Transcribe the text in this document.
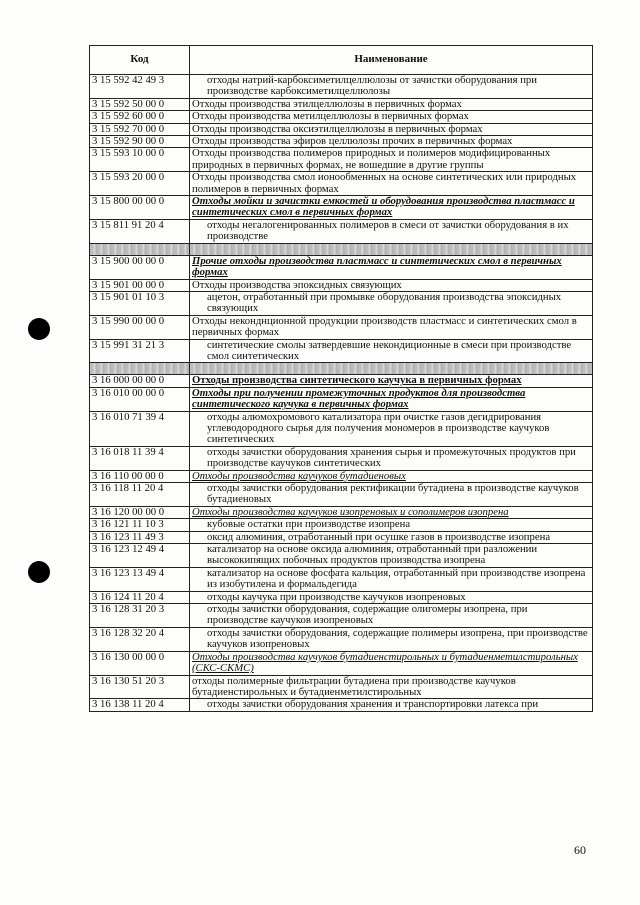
Код	Наименование
3 15 592 42 49 3	отходы натрий-карбоксиметилцеллюлозы от зачистки оборудования при производстве карбоксиметилцеллюлозы
3 15 592 50 00 0	Отходы производства этилцеллюлозы в первичных формах
3 15 592 60 00 0	Отходы производства метилцеллюлозы в первичных формах
3 15 592 70 00 0	Отходы производства оксиэтилцеллюлозы в первичных формах
3 15 592 90 00 0	Отходы производства эфиров целлюлозы прочих в первичных формах
3 15 593 10 00 0	Отходы производства полимеров природных и полимеров модифицированных природных в первичных формах, не вошедшие в другие группы
3 15 593 20 00 0	Отходы производства смол ионообменных на основе синтетических или природных полимеров в первичных формах
3 15 800 00 00 0	Отходы мойки и зачистки емкостей и оборудования производства пластмасс и синтетических смол в первичных формах
3 15 811 91 20 4	отходы негалогенированных полимеров в смеси от зачистки оборудования в их производстве

3 15 900 00 00 0	Прочие отходы производства пластмасс и синтетических смол в первичных формах
3 15 901 00 00 0	Отходы производства эпоксидных связующих
3 15 901 01 10 3	ацетон, отработанный при промывке оборудования производства эпоксидных связующих
3 15 990 00 00 0	Отходы неконднционной продукции производств пластмасс и синтетических смол в первичных формах
3 15 991 31 21 3	синтетические смолы затвердевшие некондиционные в смеси при производстве смол синтетических

3 16 000 00 00 0	Отходы производства синтетического каучука в первичных формах
3 16 010 00 00 0	Отходы при получении промежуточных продуктов для производства синтетического каучука в первичных формах
3 16 010 71 39 4	отходы алюмохромового катализатора при очистке газов дегидрирования углеводородного сырья для получения мономеров в производстве каучуков синтетических
3 16 018 11 39 4	отходы зачистки оборудования хранения сырья и промежуточных продуктов при производстве каучуков синтетических
3 16 110 00 00 0	Отходы производства каучуков бутадиеновых
3 16 118 11 20 4	отходы зачистки оборудования ректификации бутадиена в производстве каучуков бутадиеновых
3 16 120 00 00 0	Отходы производства каучуков изопреновых и сополимеров изопрена
3 16 121 11 10 3	кубовые остатки при производстве изопрена
3 16 123 11 49 3	оксид алюминия, отработанный при осушке газов в производстве изопрена
3 16 123 12 49 4	катализатор на основе оксида алюминия, отработанный при разложении высококипящих побочных продуктов производства изопрена
3 16 123 13 49 4	катализатор на основе фосфата кальция, отработанный при производстве изопрена из изобутилена и формальдегида
3 16 124 11 20 4	отходы каучука при производстве каучуков изопреновых
3 16 128 31 20 3	отходы зачистки оборудования, содержащие олигомеры изопрена, при производстве каучуков изопреновых
3 16 128 32 20 4	отходы зачистки оборудования, содержащие полимеры изопрена, при производстве каучуков изопреновых
3 16 130 00 00 0	Отходы производства каучуков бутадиенстирольных и бутадиенметилстирольных (СКС-СКМС)
3 16 130 51 20 3	отходы полимерные фильтрации бутадиена при производстве каучуков бутадиенстирольных и бутадиенметилстирольных
3 16 138 11 20 4	отходы зачистки оборудования хранения и транспортировки латекса при
60
